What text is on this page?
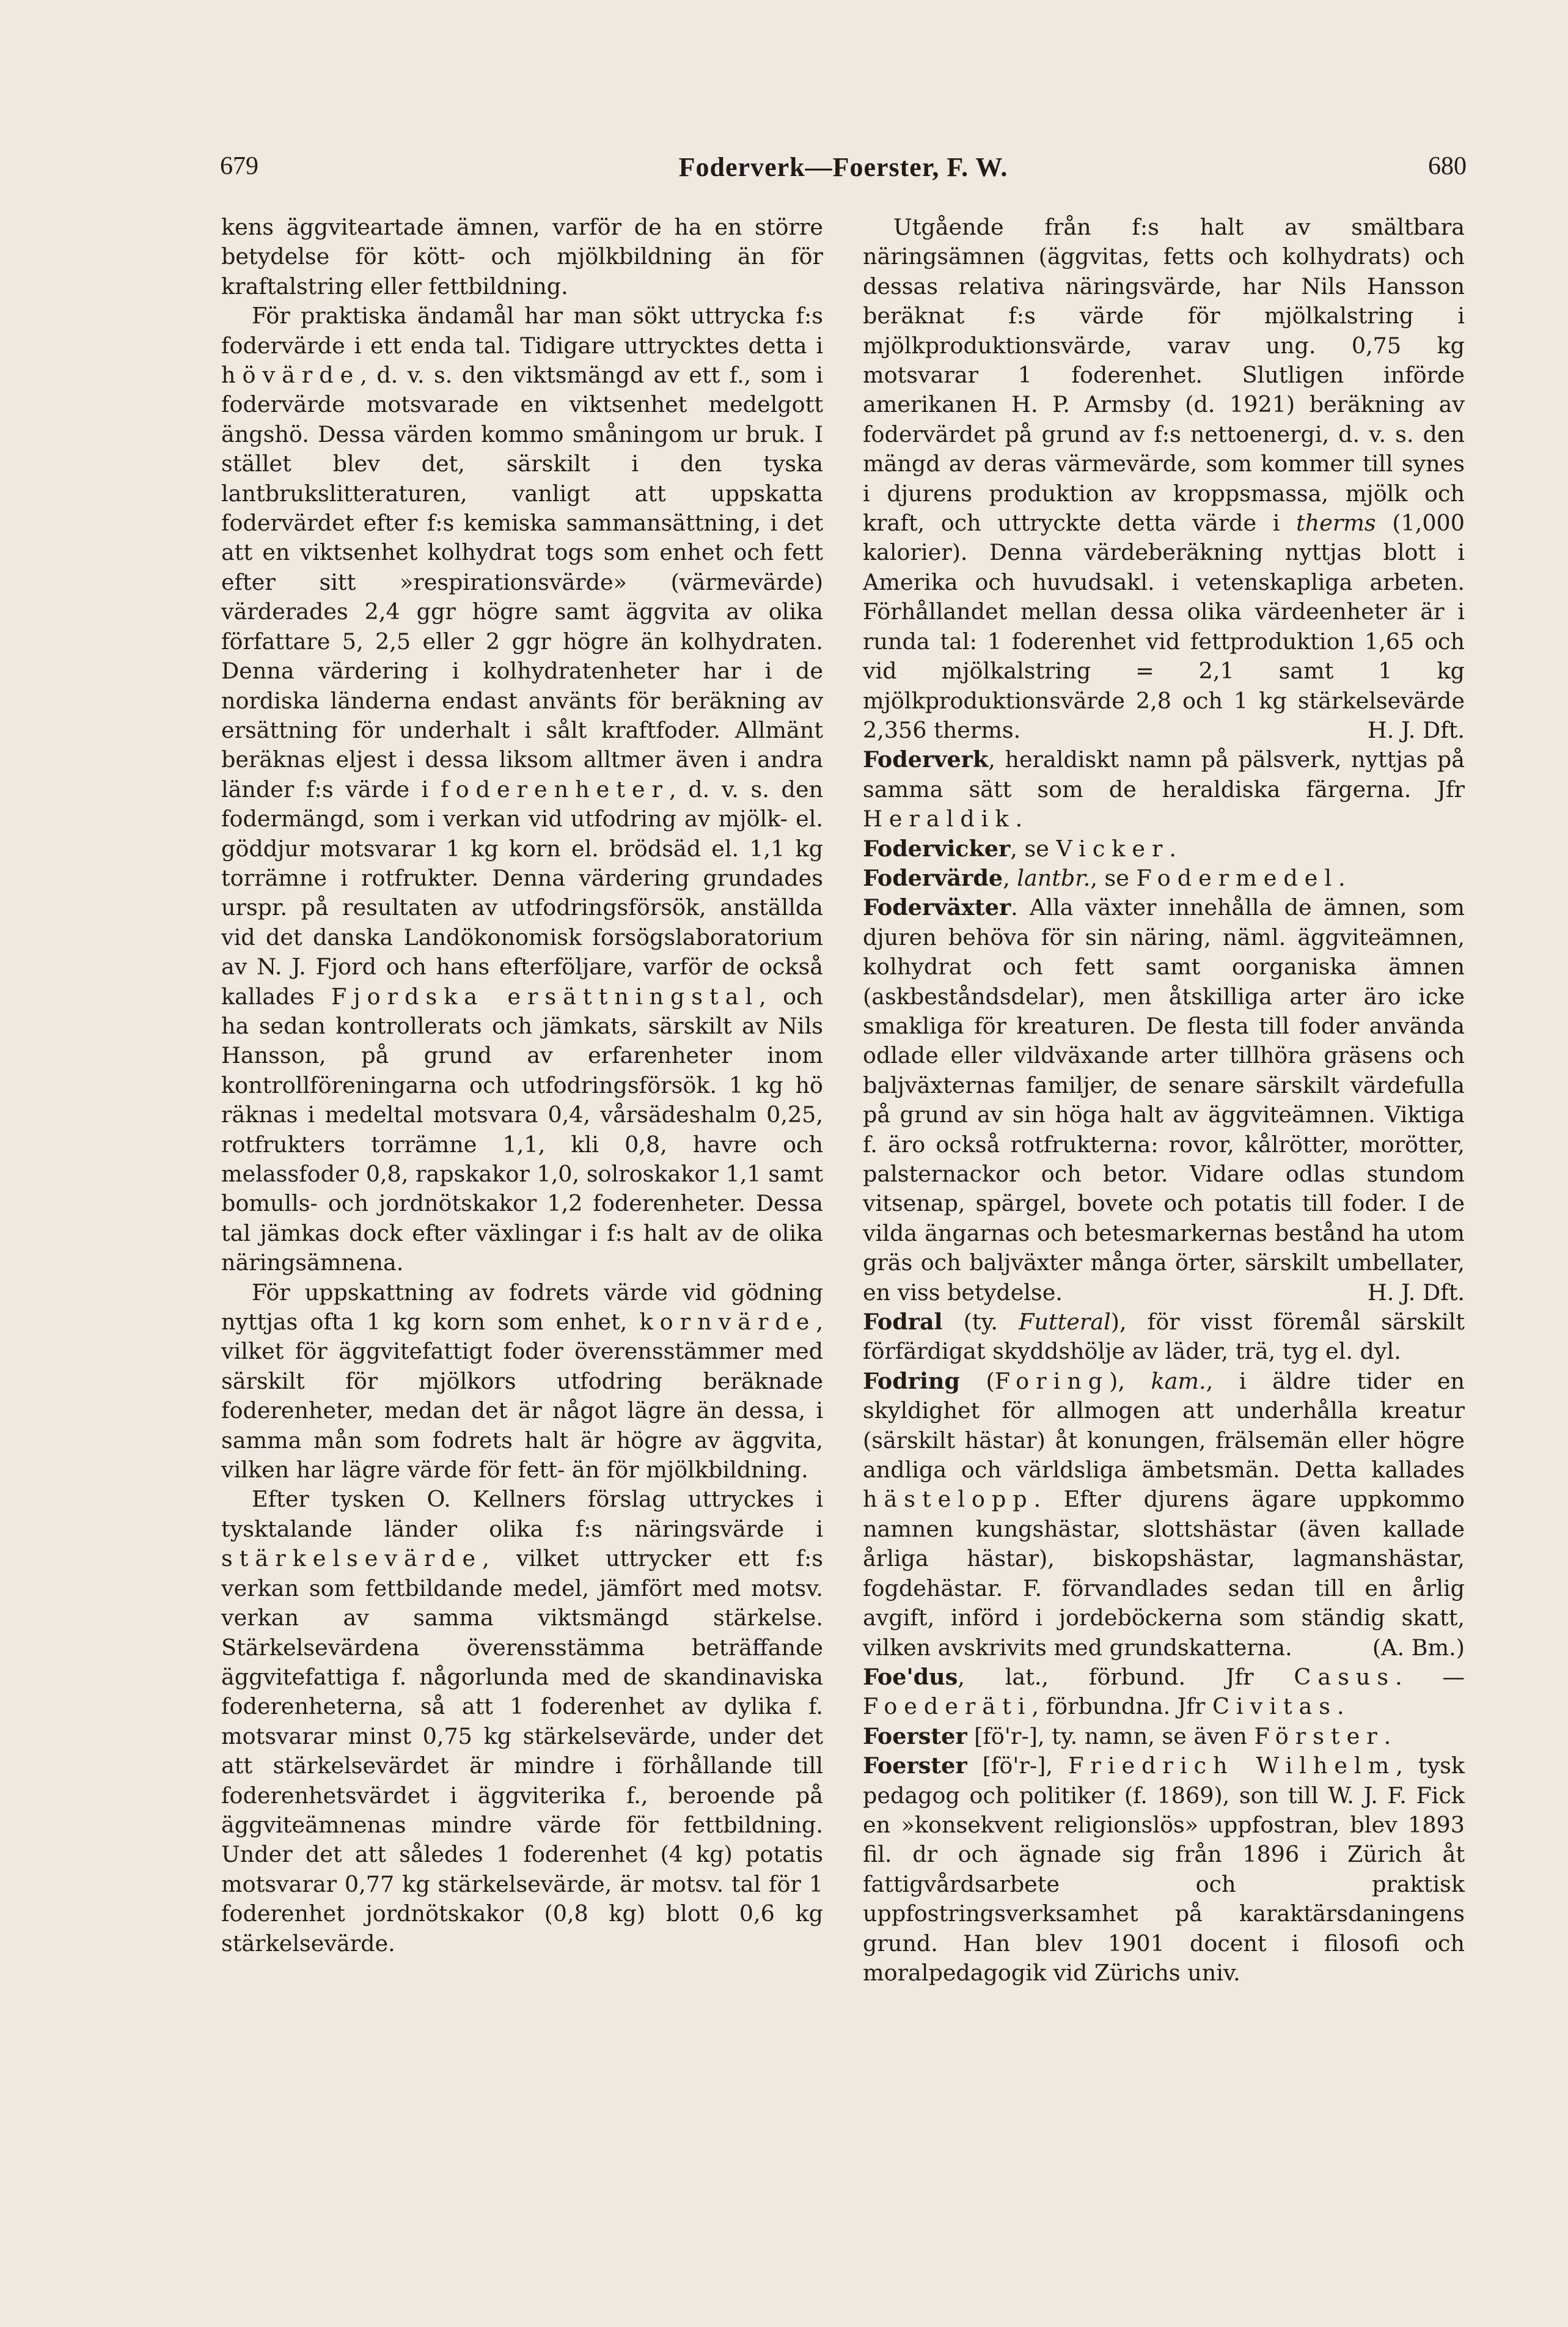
679	Foderverk—Foerster, F. W.	680

kens äggviteartade ämnen, varför de ha en större betydelse för kött- och mjölkbildning än för kraftalstring eller fettbildning.

För praktiska ändamål har man sökt uttrycka f:s fodervärde i ett enda tal. Tidigare uttrycktes detta i hövärde, d. v. s. den viktsmängd av ett f., som i fodervärde motsvarade en viktsenhet medelgott ängshö. Dessa värden kommo småningom ur bruk. I stället blev det, särskilt i den tyska lantbrukslitteraturen, vanligt att uppskatta fodervärdet efter f:s kemiska sammansättning, i det att en viktsenhet kolhydrat togs som enhet och fett efter sitt »respirationsvärde» (värmevärde) värderades 2,4 ggr högre samt äggvita av olika författare 5, 2,5 eller 2 ggr högre än kolhydraten. Denna värdering i kolhydratenheter har i de nordiska länderna endast använts för beräkning av ersättning för underhalt i sålt kraftfoder. Allmänt beräknas eljest i dessa liksom alltmer även i andra länder f:s värde i foderenheter, d. v. s. den fodermängd, som i verkan vid utfodring av mjölk- el. göddjur motsvarar 1 kg korn el. brödsäd el. 1,1 kg torrämne i rotfrukter. Denna värdering grundades urspr. på resultaten av utfodringsförsök, anställda vid det danska Landökonomisk forsögslaboratorium av N. J. Fjord och hans efterföljare, varför de också kallades Fjordska ersättningstal, och ha sedan kontrollerats och jämkats, särskilt av Nils Hansson, på grund av erfarenheter inom kontrollföreningarna och utfodringsförsök. 1 kg hö räknas i medeltal motsvara 0,4, vårsädeshalm 0,25, rotfrukters torrämne 1,1, kli 0,8, havre och melassfoder 0,8, rapskakor 1,0, solroskakor 1,1 samt bomulls- och jordnötskakor 1,2 foderenheter. Dessa tal jämkas dock efter växlingar i f:s halt av de olika näringsämnena.

För uppskattning av fodrets värde vid gödning nyttjas ofta 1 kg korn som enhet, kornvärde, vilket för äggvitefattigt foder överensstämmer med särskilt för mjölkors utfodring beräknade foderenheter, medan det är något lägre än dessa, i samma mån som fodrets halt är högre av äggvita, vilken har lägre värde för fett- än för mjölkbildning.

Efter tysken O. Kellners förslag uttryckes i tysktalande länder olika f:s näringsvärde i stärkelsevärde, vilket uttrycker ett f:s verkan som fettbildande medel, jämfört med motsv. verkan av samma viktsmängd stärkelse. Stärkelsevärdena överensstämma beträffande äggvitefattiga f. någorlunda med de skandinaviska foderenheterna, så att 1 foderenhet av dylika f. motsvarar minst 0,75 kg stärkelsevärde, under det att stärkelsevärdet är mindre i förhållande till foderenhetsvärdet i äggviterika f., beroende på äggviteämnenas mindre värde för fettbildning. Under det att således 1 foderenhet (4 kg) potatis motsvarar 0,77 kg stärkelsevärde, är motsv. tal för 1 foderenhet jordnötskakor (0,8 kg) blott 0,6 kg stärkelsevärde.

Utgående från f:s halt av smältbara näringsämnen (äggvitas, fetts och kolhydrats) och dessas relativa näringsvärde, har Nils Hansson beräknat f:s värde för mjölkalstring i mjölkproduktionsvärde, varav ung. 0,75 kg motsvarar 1 foderenhet. Slutligen införde amerikanen H. P. Armsby (d. 1921) beräkning av fodervärdet på grund av f:s nettoenergi, d. v. s. den mängd av deras värmevärde, som kommer till synes i djurens produktion av kroppsmassa, mjölk och kraft, och uttryckte detta värde i therms (1,000 kalorier). Denna värdeberäkning nyttjas blott i Amerika och huvudsakl. i vetenskapliga arbeten. Förhållandet mellan dessa olika värdeenheter är i runda tal: 1 foderenhet vid fettproduktion 1,65 och vid mjölkalstring = 2,1 samt 1 kg mjölkproduktionsvärde 2,8 och 1 kg stärkelsevärde 2,356 therms.	H. J. Dft.

Foderverk, heraldiskt namn på pälsverk, nyttjas på samma sätt som de heraldiska färgerna. Jfr Heraldik.

Fodervicker, se Vicker.

Fodervärde, lantbr., se Fodermedel.

Foderväxter. Alla växter innehålla de ämnen, som djuren behöva för sin näring, näml. äggviteämnen, kolhydrat och fett samt oorganiska ämnen (askbeståndsdelar), men åtskilliga arter äro icke smakliga för kreaturen. De flesta till foder använda odlade eller vildväxande arter tillhöra gräsens och baljväxternas familjer, de senare särskilt värdefulla på grund av sin höga halt av äggviteämnen. Viktiga f. äro också rotfrukterna: rovor, kålrötter, morötter, palsternackor och betor. Vidare odlas stundom vitsenap, spärgel, bovete och potatis till foder. I de vilda ängarnas och betesmarkernas bestånd ha utom gräs och baljväxter många örter, särskilt umbellater, en viss betydelse.	H. J. Dft.

Fodral (ty. Futteral), för visst föremål särskilt förfärdigat skyddshölje av läder, trä, tyg el. dyl.

Fodring (Foring), kam., i äldre tider en skyldighet för allmogen att underhålla kreatur (särskilt hästar) åt konungen, frälsemän eller högre andliga och världsliga ämbetsmän. Detta kallades hästelopp. Efter djurens ägare uppkommo namnen kungshästar, slottshästar (även kallade årliga hästar), biskopshästar, lagmanshästar, fogdehästar. F. förvandlades sedan till en årlig avgift, införd i jordeböckerna som ständig skatt, vilken avskrivits med grundskatterna.	(A. Bm.)

Foe'dus, lat., förbund. Jfr Casus. — Foederäti, förbundna. Jfr Civitas.

Foerster [fö'r-], ty. namn, se även Förster.

Foerster [fö'r-], Friedrich Wilhelm, tysk pedagog och politiker (f. 1869), son till W. J. F. Fick en »konsekvent religionslös» uppfostran, blev 1893 fil. dr och ägnade sig från 1896 i Zürich åt fattigvårdsarbete och praktisk uppfostringsverksamhet på karaktärsdaningens grund. Han blev 1901 docent i filosofi och moralpedagogik vid Zürichs univ.
